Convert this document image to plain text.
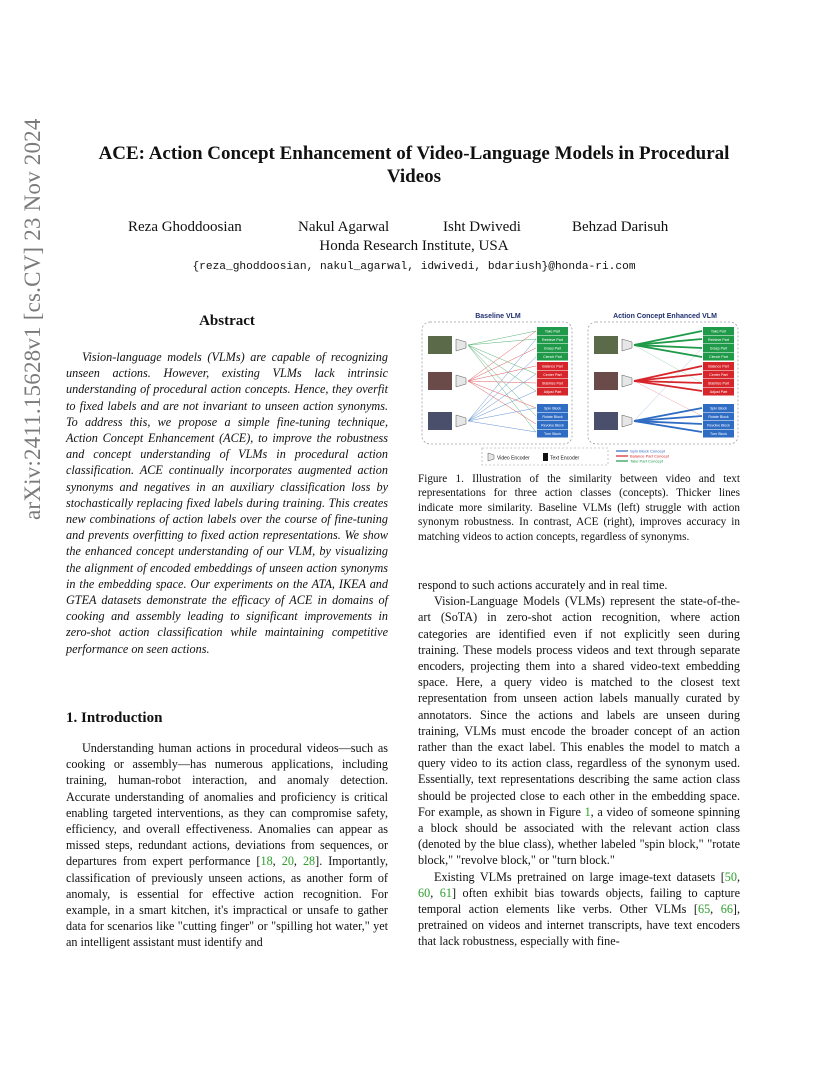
arXiv:2411.15628v1 [cs.CV] 23 Nov 2024	ACE: Action Concept Enhancement of Video-Language Models in Procedural
Videos
Reza Ghoddoosian	Nakul Agarwal	Isht Dwivedi	Behzad Darisuh
Honda Research Institute, USA
{reza_ghoddoosian, nakul_agarwal, idwivedi, bdariush}@honda-ri.com
Abstract

Vision-language models (VLMs) are capable of recognizing unseen actions. However, existing VLMs lack intrinsic understanding of procedural action concepts. Hence, they overfit to fixed labels and are not invariant to unseen action synonyms. To address this, we propose a simple fine-tuning technique, Action Concept Enhancement (ACE), to improve the robustness and concept understanding of VLMs in procedural action classification. ACE continually incorporates augmented action synonyms and negatives in an auxiliary classification loss by stochastically replacing fixed labels during training. This creates new combinations of action labels over the course of fine-tuning and prevents overfitting to fixed action representations. We show the enhanced concept understanding of our VLM, by visualizing the alignment of encoded embeddings of unseen action synonyms in the embedding space. Our experiments on the ATA, IKEA and GTEA datasets demonstrate the efficacy of ACE in domains of cooking and assembly leading to significant improvements in zero-shot action classification while maintaining competitive performance on seen actions.

1. Introduction

Understanding human actions in procedural videos—such as cooking or assembly—has numerous applications, including training, human-robot interaction, and anomaly detection. Accurate understanding of anomalies and proficiency is critical enabling targeted interventions, as they can compromise safety, efficiency, and overall effectiveness. Anomalies can appear as missed steps, redundant actions, deviations from sequences, or departures from expert performance [18, 20, 28]. Importantly, classification of previously unseen actions, as another form of anomaly, is essential for effective action recognition. For example, in a smart kitchen, it's impractical or unsafe to gather data for scenarios like "cutting finger" or "spilling hot water," yet an intelligent assistant must identify and

Baseline VLM	Action Concept Enhanced VLM
Take Part
Retrieve Part
Grasp Part
Clench Part
Balance Part
Center Part
Stabilize Part
Adjust Part
Spin Block
Rotate Block
Revolve Block
Turn Block
Take Part
Retrieve Part
Grasp Part
Clench Part
Balance Part
Center Part
Stabilize Part
Adjust Part
Spin Block
Rotate Block
Revolve Block
Turn Block
Video Encoder	Text Encoder
Spin Block Concept
Balance Part Concept
Take Part Concept
Figure 1. Illustration of the similarity between video and text representations for three action classes (concepts). Thicker lines indicate more similarity. Baseline VLMs (left) struggle with action synonym robustness. In contrast, ACE (right), improves accuracy in matching videos to action concepts, regardless of synonyms.

respond to such actions accurately and in real time.

Vision-Language Models (VLMs) represent the state-of-the-art (SoTA) in zero-shot action recognition, where action categories are identified even if not explicitly seen during training. These models process videos and text through separate encoders, projecting them into a shared video-text embedding space. Here, a query video is matched to the closest text representation from unseen action labels manually curated by annotators. Since the actions and labels are unseen during training, VLMs must encode the broader concept of an action rather than the exact label. This enables the model to match a query video to its action class, regardless of the synonym used. Essentially, text representations describing the same action class should be projected close to each other in the embedding space. For example, as shown in Figure 1, a video of someone spinning a block should be associated with the relevant action class (denoted by the blue class), whether labeled "spin block," "rotate block," "revolve block," or "turn block."

Existing VLMs pretrained on large image-text datasets [50, 60, 61] often exhibit bias towards objects, failing to capture temporal action elements like verbs. Other VLMs [65, 66], pretrained on videos and internet transcripts, have text encoders that lack robustness, especially with fine-
